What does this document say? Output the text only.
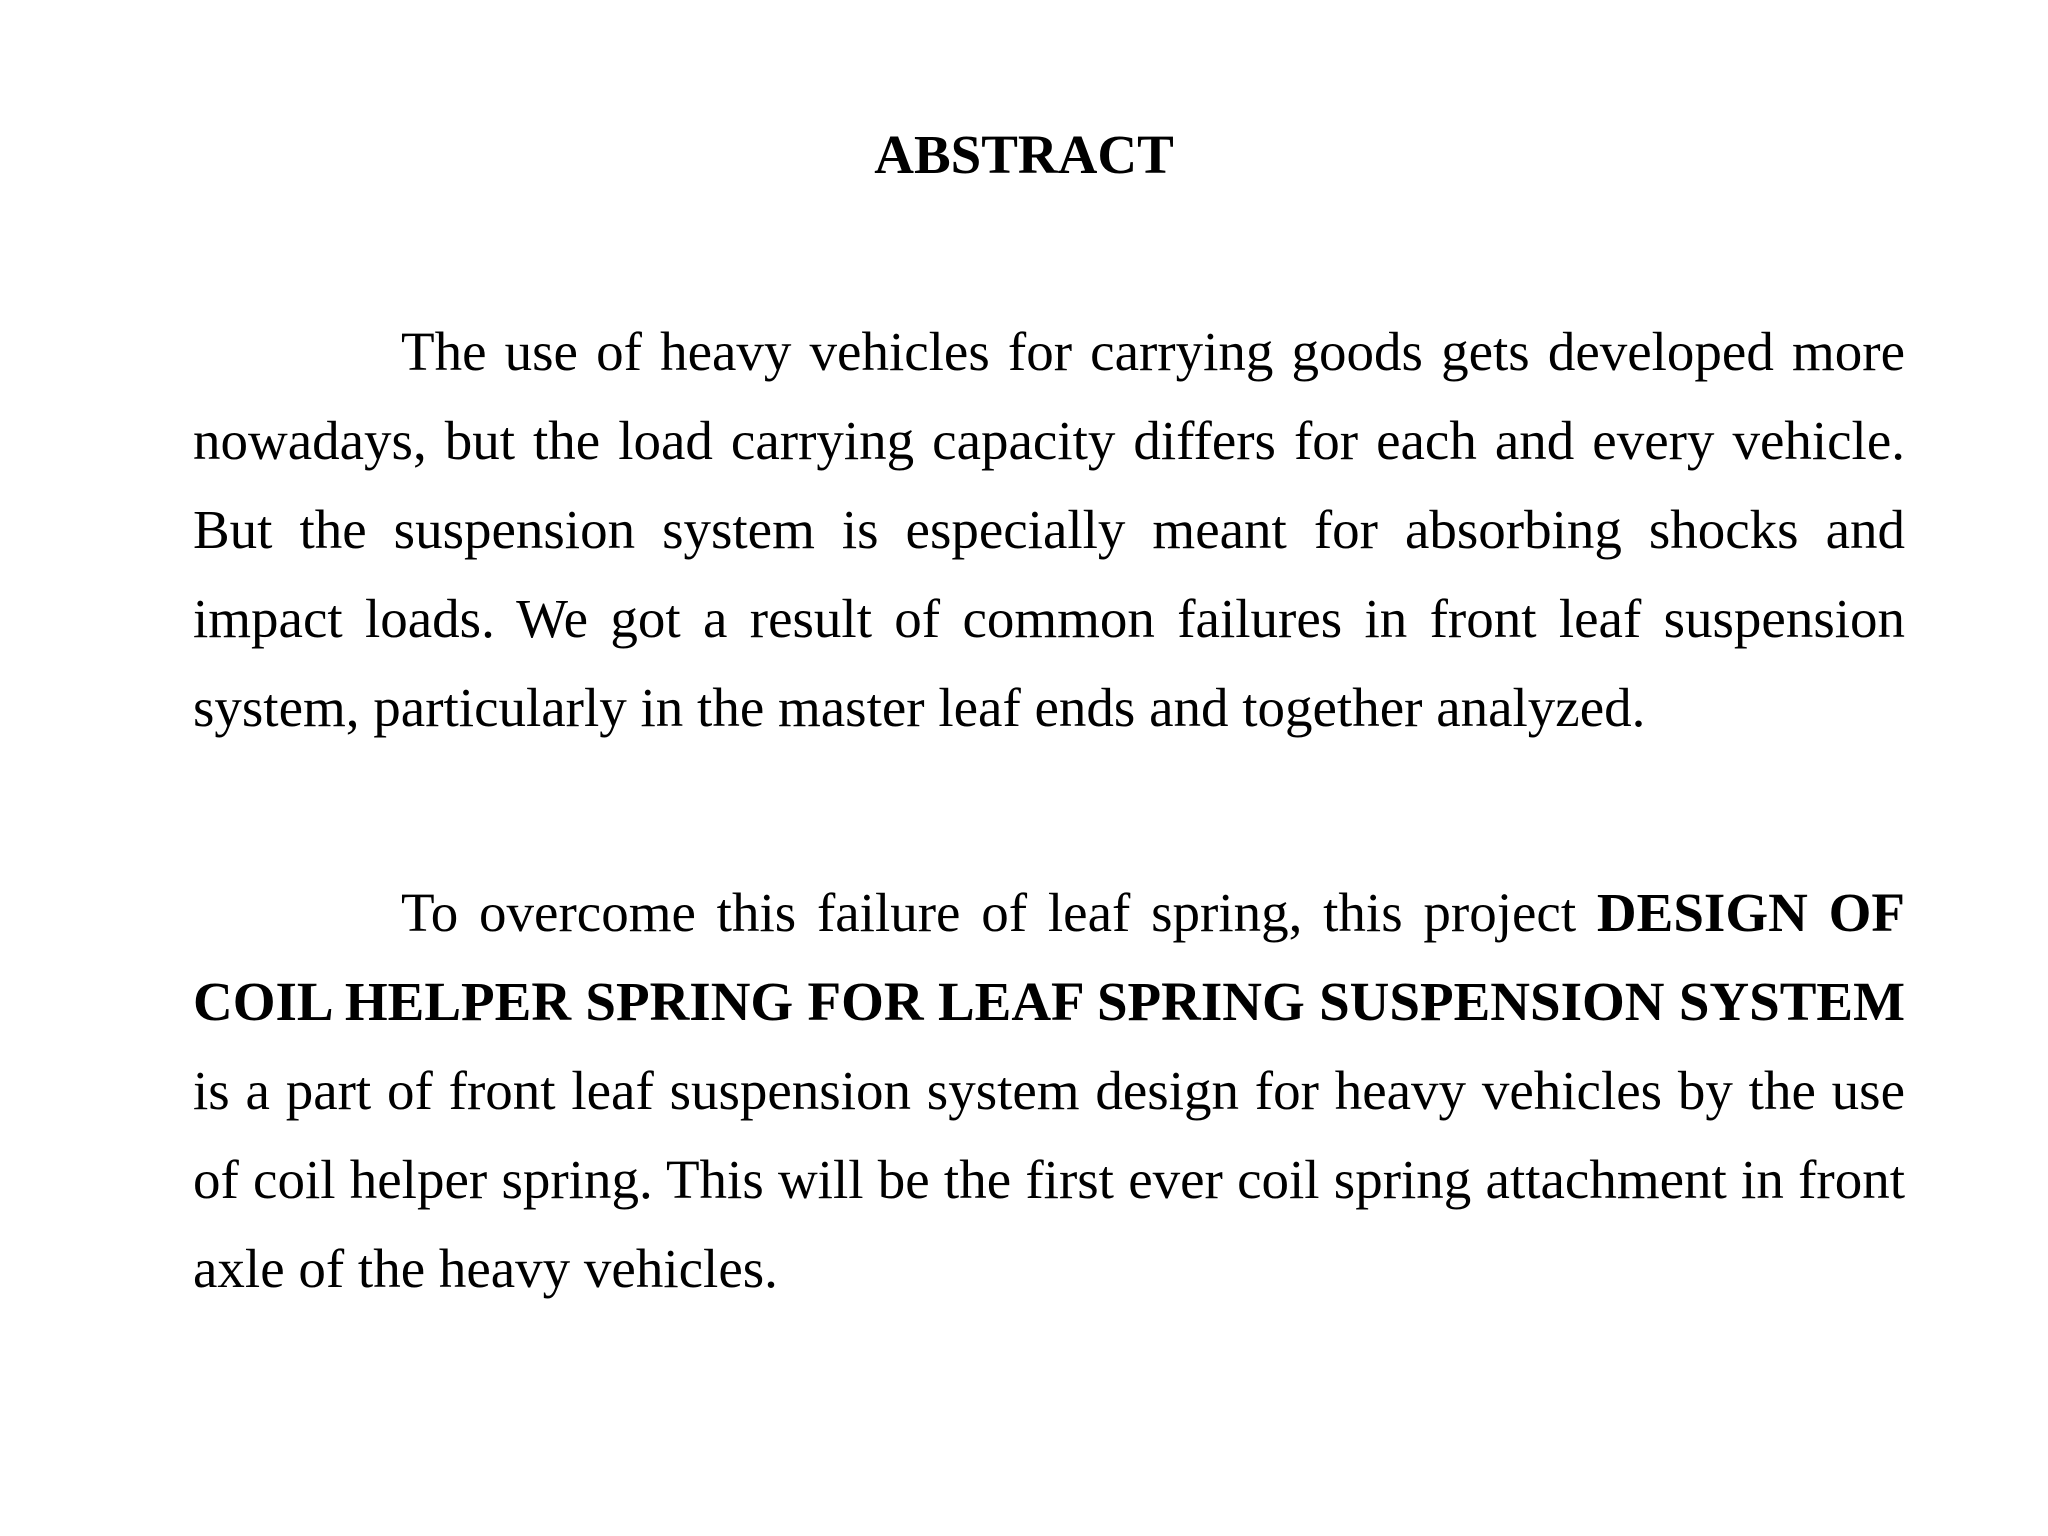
ABSTRACT

The use of heavy vehicles for carrying goods gets developed more nowadays, but the load carrying capacity differs for each and every vehicle. But the suspension system is especially meant for absorbing shocks and impact loads. We got a result of common failures in front leaf suspension system, particularly in the master leaf ends and together analyzed.

To overcome this failure of leaf spring, this project DESIGN OF COIL HELPER SPRING FOR LEAF SPRING SUSPENSION SYSTEM is a part of front leaf suspension system design for heavy vehicles by the use of coil helper spring. This will be the first ever coil spring attachment in front axle of the heavy vehicles.
